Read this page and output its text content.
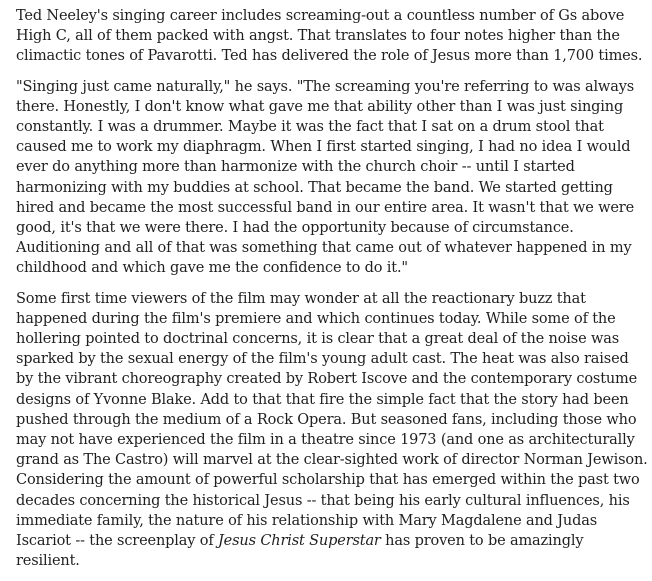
Ted Neeley's singing career includes screaming-out a countless number of Gs above High C, all of them packed with angst. That translates to four notes higher than the climactic tones of Pavarotti. Ted has delivered the role of Jesus more than 1,700 times.

"Singing just came naturally," he says. "The screaming you're referring to was always there. Honestly, I don't know what gave me that ability other than I was just singing constantly. I was a drummer. Maybe it was the fact that I sat on a drum stool that caused me to work my diaphragm. When I first started singing, I had no idea I would ever do anything more than harmonize with the church choir -- until I started harmonizing with my buddies at school. That became the band. We started getting hired and became the most successful band in our entire area. It wasn't that we were good, it's that we were there. I had the opportunity because of circumstance. Auditioning and all of that was something that came out of whatever happened in my childhood and which gave me the confidence to do it."

Some first time viewers of the film may wonder at all the reactionary buzz that happened during the film's premiere and which continues today. While some of the hollering pointed to doctrinal concerns, it is clear that a great deal of the noise was sparked by the sexual energy of the film's young adult cast. The heat was also raised by the vibrant choreography created by Robert Iscove and the contemporary costume designs of Yvonne Blake. Add to that that fire the simple fact that the story had been pushed through the medium of a Rock Opera. But seasoned fans, including those who may not have experienced the film in a theatre since 1973 (and one as architecturally grand as The Castro) will marvel at the clear-sighted work of director Norman Jewison. Considering the amount of powerful scholarship that has emerged within the past two decades concerning the historical Jesus -- that being his early cultural influences, his immediate family, the nature of his relationship with Mary Magdalene and Judas Iscariot -- the screenplay of Jesus Christ Superstar has proven to be amazingly resilient.
